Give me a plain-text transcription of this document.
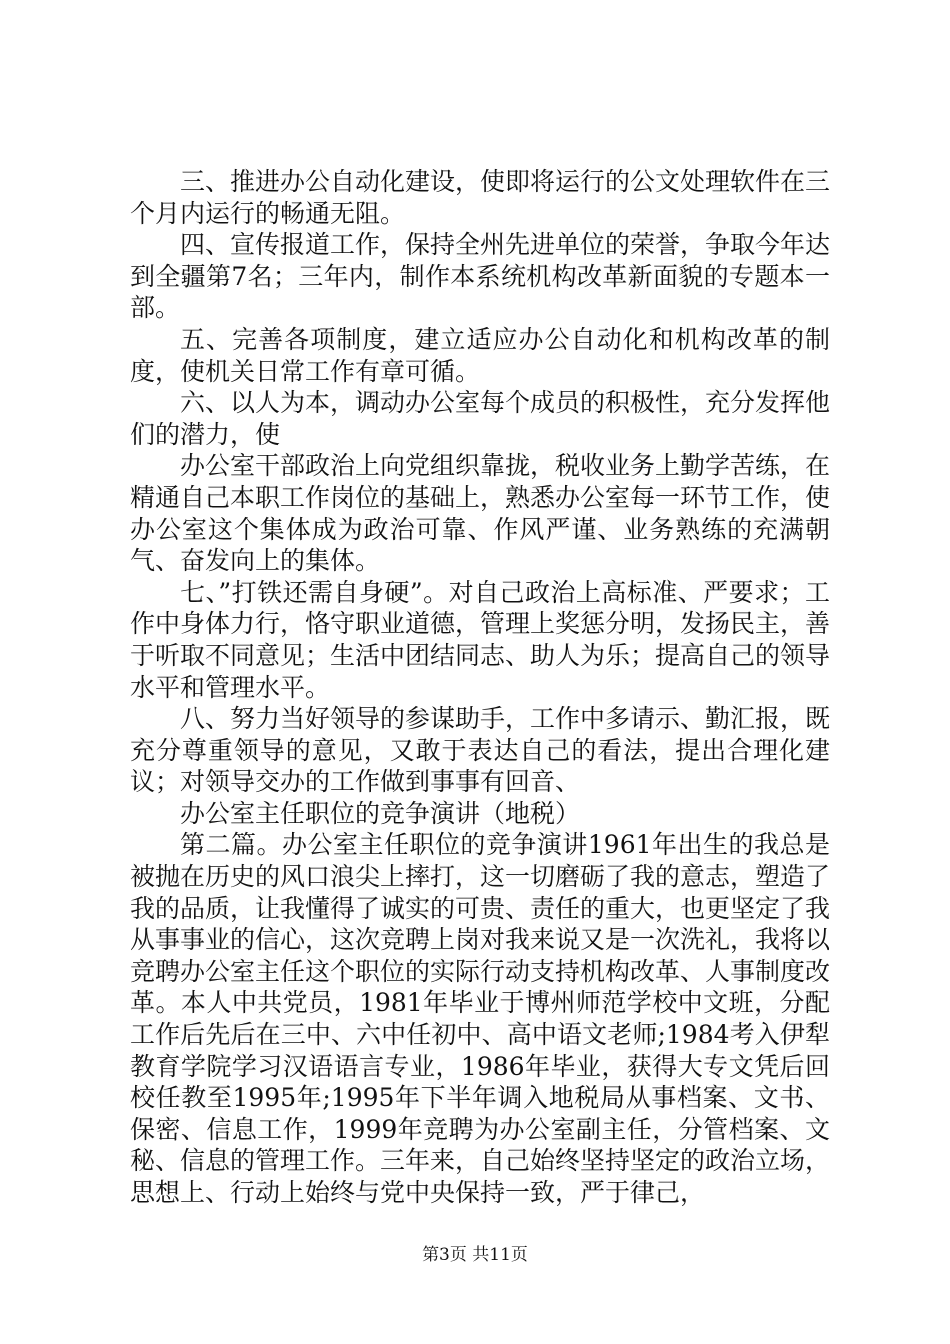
三、推进办公自动化建设，使即将运行的公文处理软件在三个月内运行的畅通无阻。

四、宣传报道工作，保持全州先进单位的荣誉，争取今年达到全疆第7名；三年内，制作本系统机构改革新面貌的专题本一部。

五、完善各项制度，建立适应办公自动化和机构改革的制度，使机关日常工作有章可循。

六、以人为本，调动办公室每个成员的积极性，充分发挥他们的潜力，使

办公室干部政治上向党组织靠拢，税收业务上勤学苦练，在精通自己本职工作岗位的基础上，熟悉办公室每一环节工作，使办公室这个集体成为政治可靠、作风严谨、业务熟练的充满朝气、奋发向上的集体。

七、”打铁还需自身硬”。对自己政治上高标准、严要求；工作中身体力行，恪守职业道德，管理上奖惩分明，发扬民主，善于听取不同意见；生活中团结同志、助人为乐；提高自己的领导水平和管理水平。

八、努力当好领导的参谋助手，工作中多请示、勤汇报，既充分尊重领导的意见，又敢于表达自己的看法，提出合理化建议；对领导交办的工作做到事事有回音、

办公室主任职位的竞争演讲（地税）

第二篇。办公室主任职位的竞争演讲1961年出生的我总是被抛在历史的风口浪尖上摔打，这一切磨砺了我的意志，塑造了我的品质，让我懂得了诚实的可贵、责任的重大，也更坚定了我从事事业的信心，这次竞聘上岗对我来说又是一次洗礼，我将以竞聘办公室主任这个职位的实际行动支持机构改革、人事制度改革。本人中共党员，1981年毕业于博州师范学校中文班，分配工作后先后在三中、六中任初中、高中语文老师;1984考入伊犁教育学院学习汉语语言专业，1986年毕业，获得大专文凭后回校任教至1995年;1995年下半年调入地税局从事档案、文书、保密、信息工作，1999年竞聘为办公室副主任，分管档案、文秘、信息的管理工作。三年来，自己始终坚持坚定的政治立场，思想上、行动上始终与党中央保持一致，严于律己，

第3页 共11页
